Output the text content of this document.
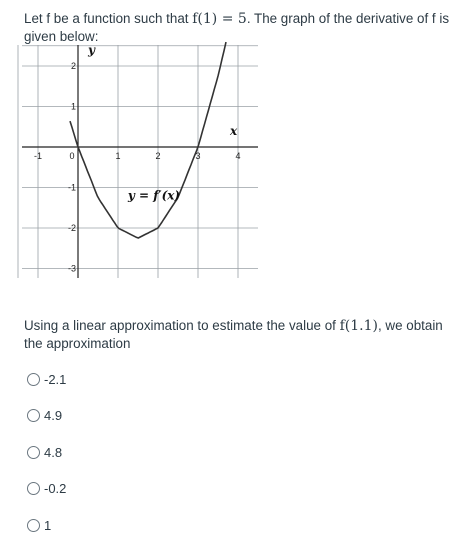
Let f be a function such that f(1) = 5. The graph of the derivative of f is given below:

-1	0	1	2	3	4
2
1
-1
-2
-3
x
y
y = f′(x)

Using a linear approximation to estimate the value of f(1.1), we obtain the approximation

-2.1
4.9
4.8
-0.2
1
